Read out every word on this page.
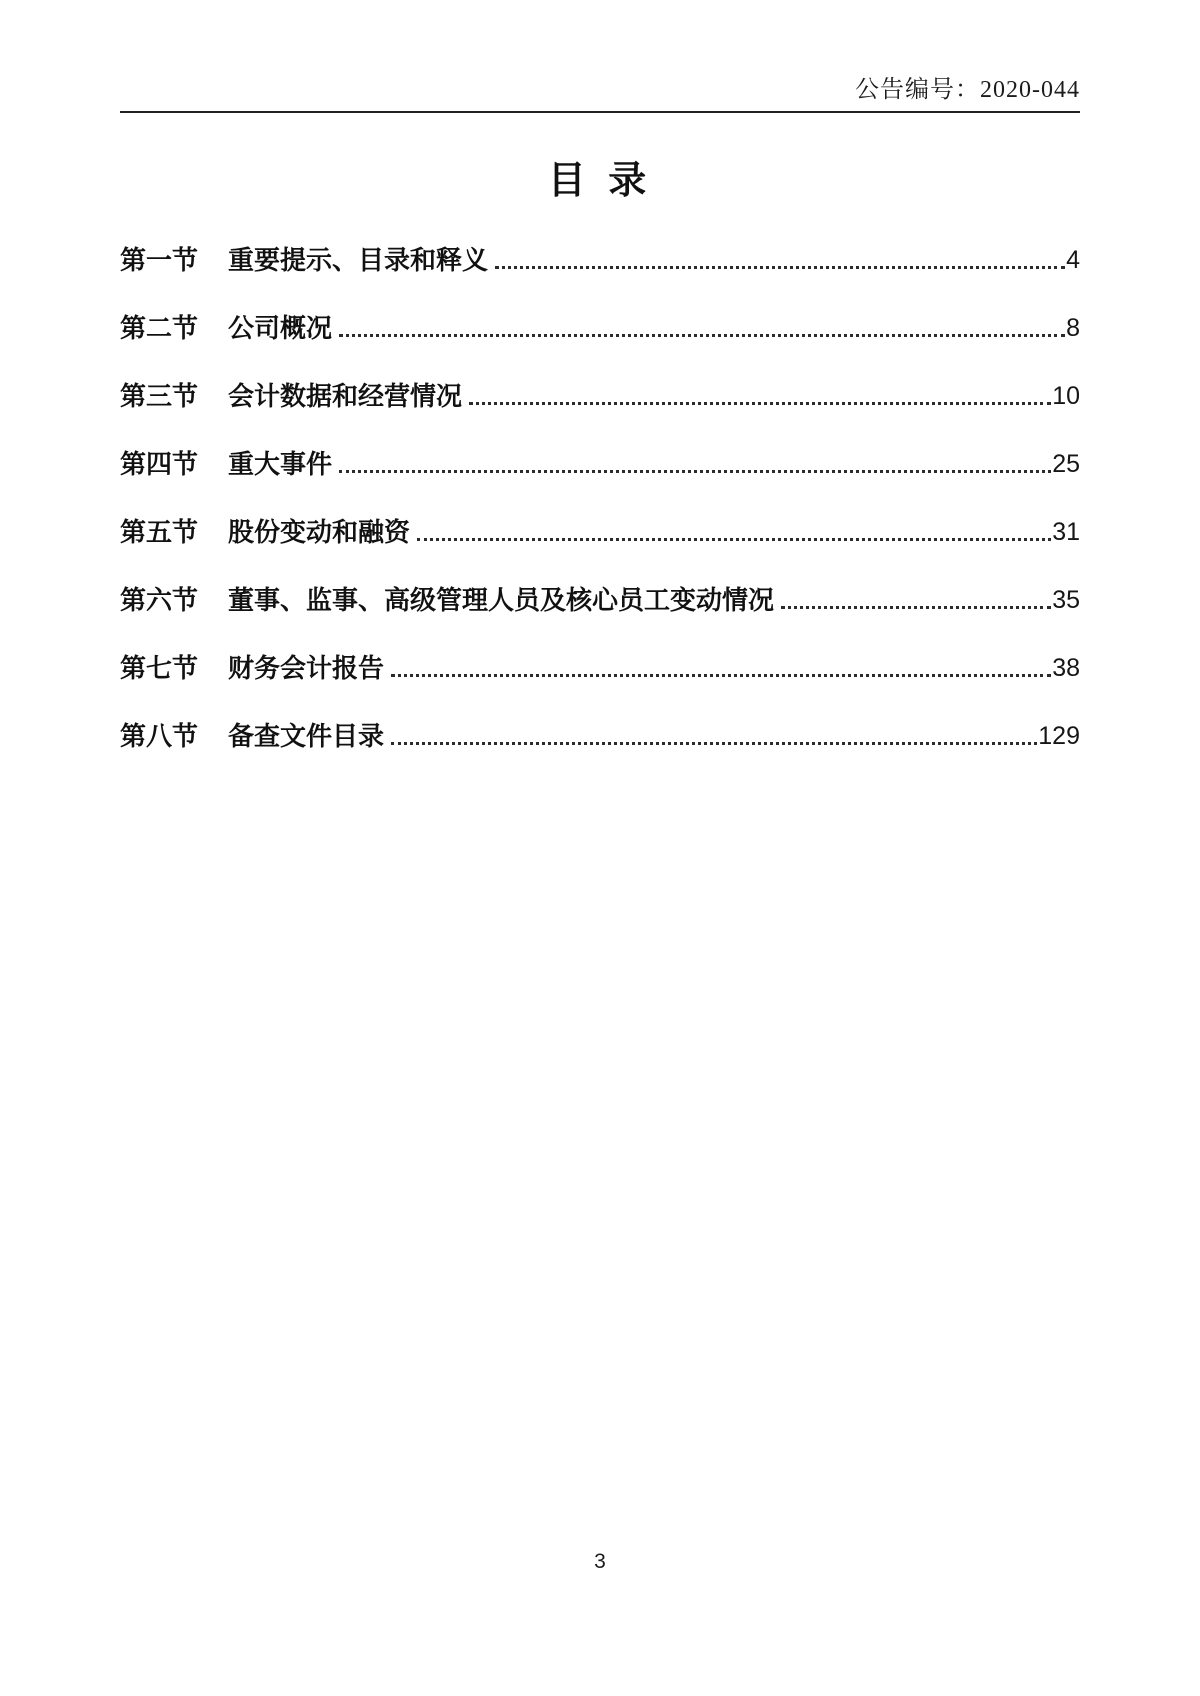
公告编号：2020-044
目 录
第一节	重要提示、目录和释义	4
第二节	公司概况	8
第三节	会计数据和经营情况	10
第四节	重大事件	25
第五节	股份变动和融资	31
第六节	董事、监事、高级管理人员及核心员工变动情况	35
第七节	财务会计报告	38
第八节	备查文件目录	129
3
